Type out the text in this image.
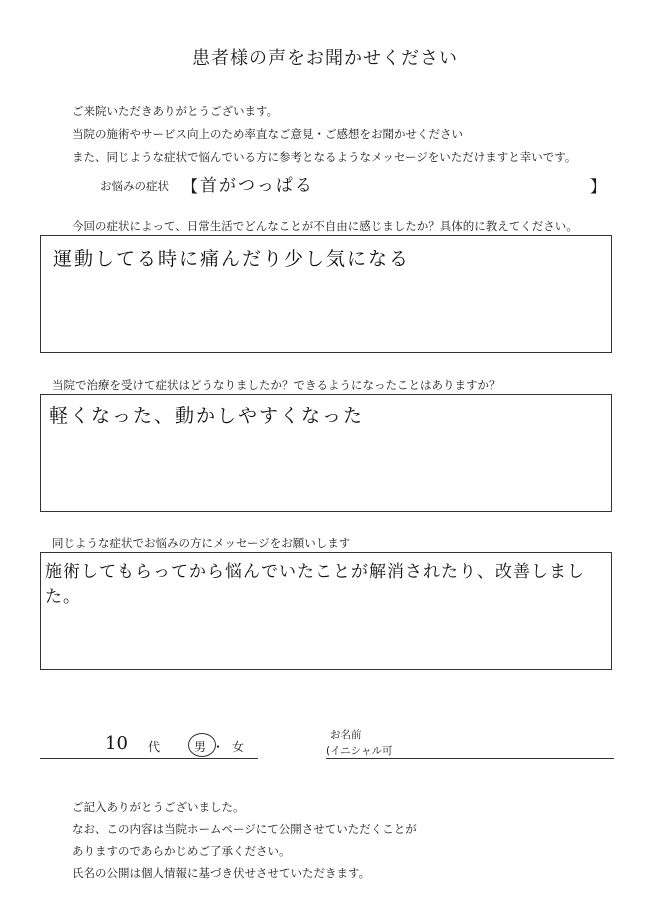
患者様の声をお聞かせください
ご来院いただきありがとうございます。
当院の施術やサービス向上のため率直なご意見・ご感想をお聞かせください
また、同じような症状で悩んでいる方に参考となるようなメッセージをいただけますと幸いです。
お悩みの症状 【 首がつっぱる	】
今回の症状によって、日常生活でどんなことが不自由に感じましたか？具体的に教えてください。
運動してる時に痛んだり少し気になる
当院で治療を受けて症状はどうなりましたか？できるようになったことはありますか？
軽くなった、動かしやすくなった
同じような症状でお悩みの方にメッセージをお願いします
施術してもらってから悩んでいたことが解消されたり、改善しました。
10 代	男 ・ 女
お名前
(イニシャル可
ご記入ありがとうございました。
なお、この内容は当院ホームページにて公開させていただくことが
ありますのであらかじめご了承ください。
氏名の公開は個人情報に基づき伏せさせていただきます。
